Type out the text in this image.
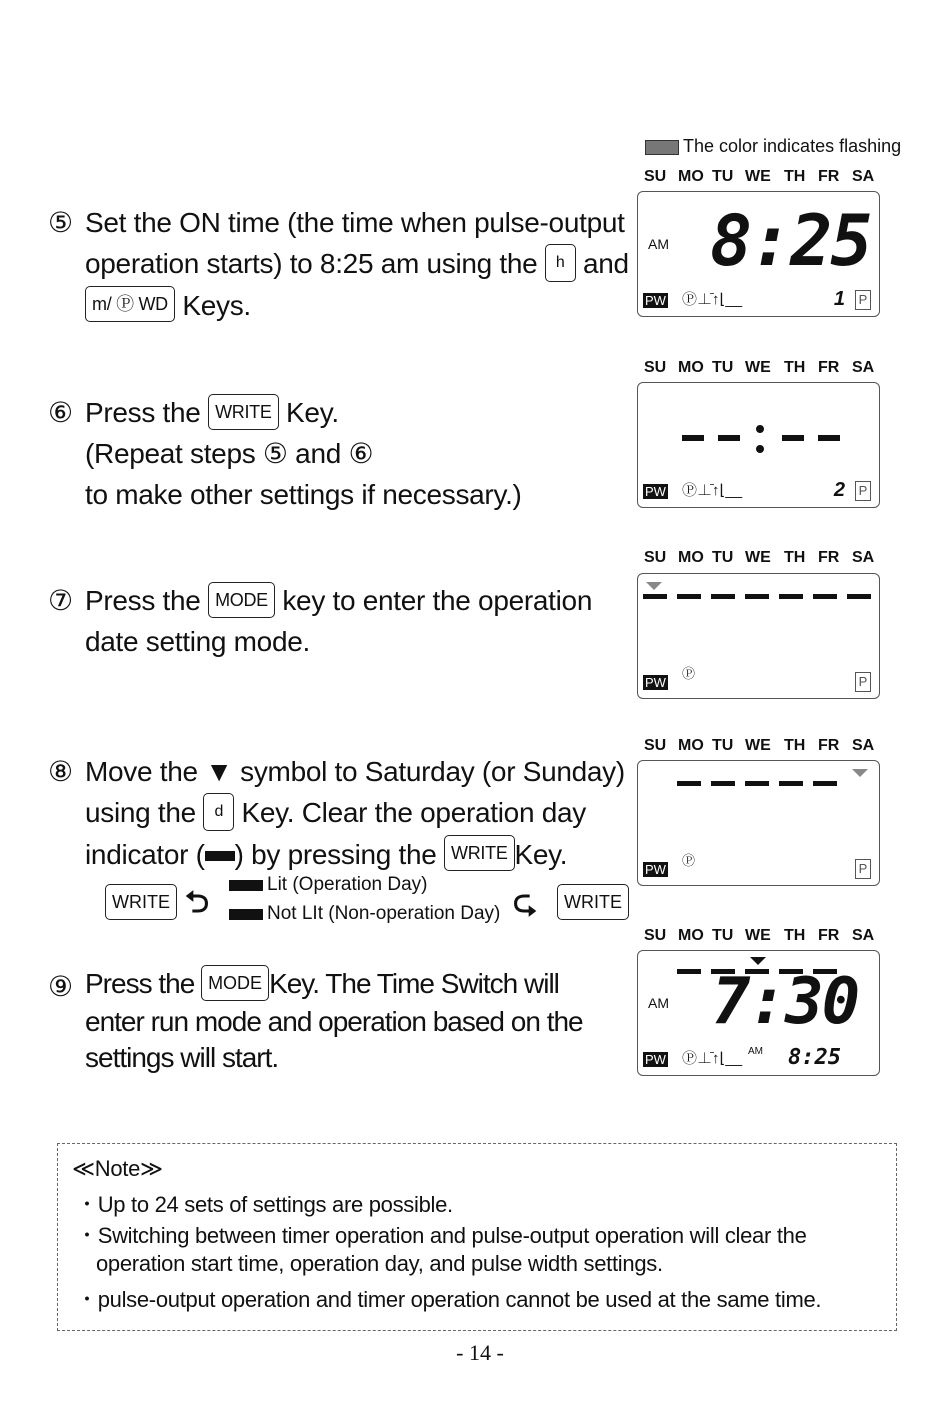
The color indicates flashing
SU MO TU WE TH FR SA
SU MO TU WE TH FR SA
SU MO TU WE TH FR SA
SU MO TU WE TH FR SA
SU MO TU WE TH FR SA
AM 8:25
PW Ⓟ⊥̄↑⌊__	1 P
PW Ⓟ⊥̄↑⌊__	2 P
PW
Ⓟ
P
PW
Ⓟ
P
AM 7:30
PW Ⓟ⊥̄↑⌊__ AM 8:25
⑤ Set the ON time (the time when pulse-output
operation starts) to 8:25 am using the h and
m/ Ⓟ WD Keys.
⑥ Press the WRITE Key.
(Repeat steps ⑤ and ⑥
to make other settings if necessary.)
⑦ Press the MODE key to enter the operation
date setting mode.
⑧ Move the ▼ symbol to Saturday (or Sunday)
using the d Key. Clear the operation day
indicator ( ) by pressing the WRITE Key.
WRITE ⮌
Lit (Operation Day)
Not LIt (Non-operation Day) ⮎	WRITE
⑨ Press the MODE Key. The Time Switch will
enter run mode and operation based on the
settings will start.
≪Note≫
・Up to 24 sets of settings are possible.
・Switching between timer operation and pulse-output operation will clear the
operation start time, operation day, and pulse width settings.
・pulse-output operation and timer operation cannot be used at the same time.
- 14 -
